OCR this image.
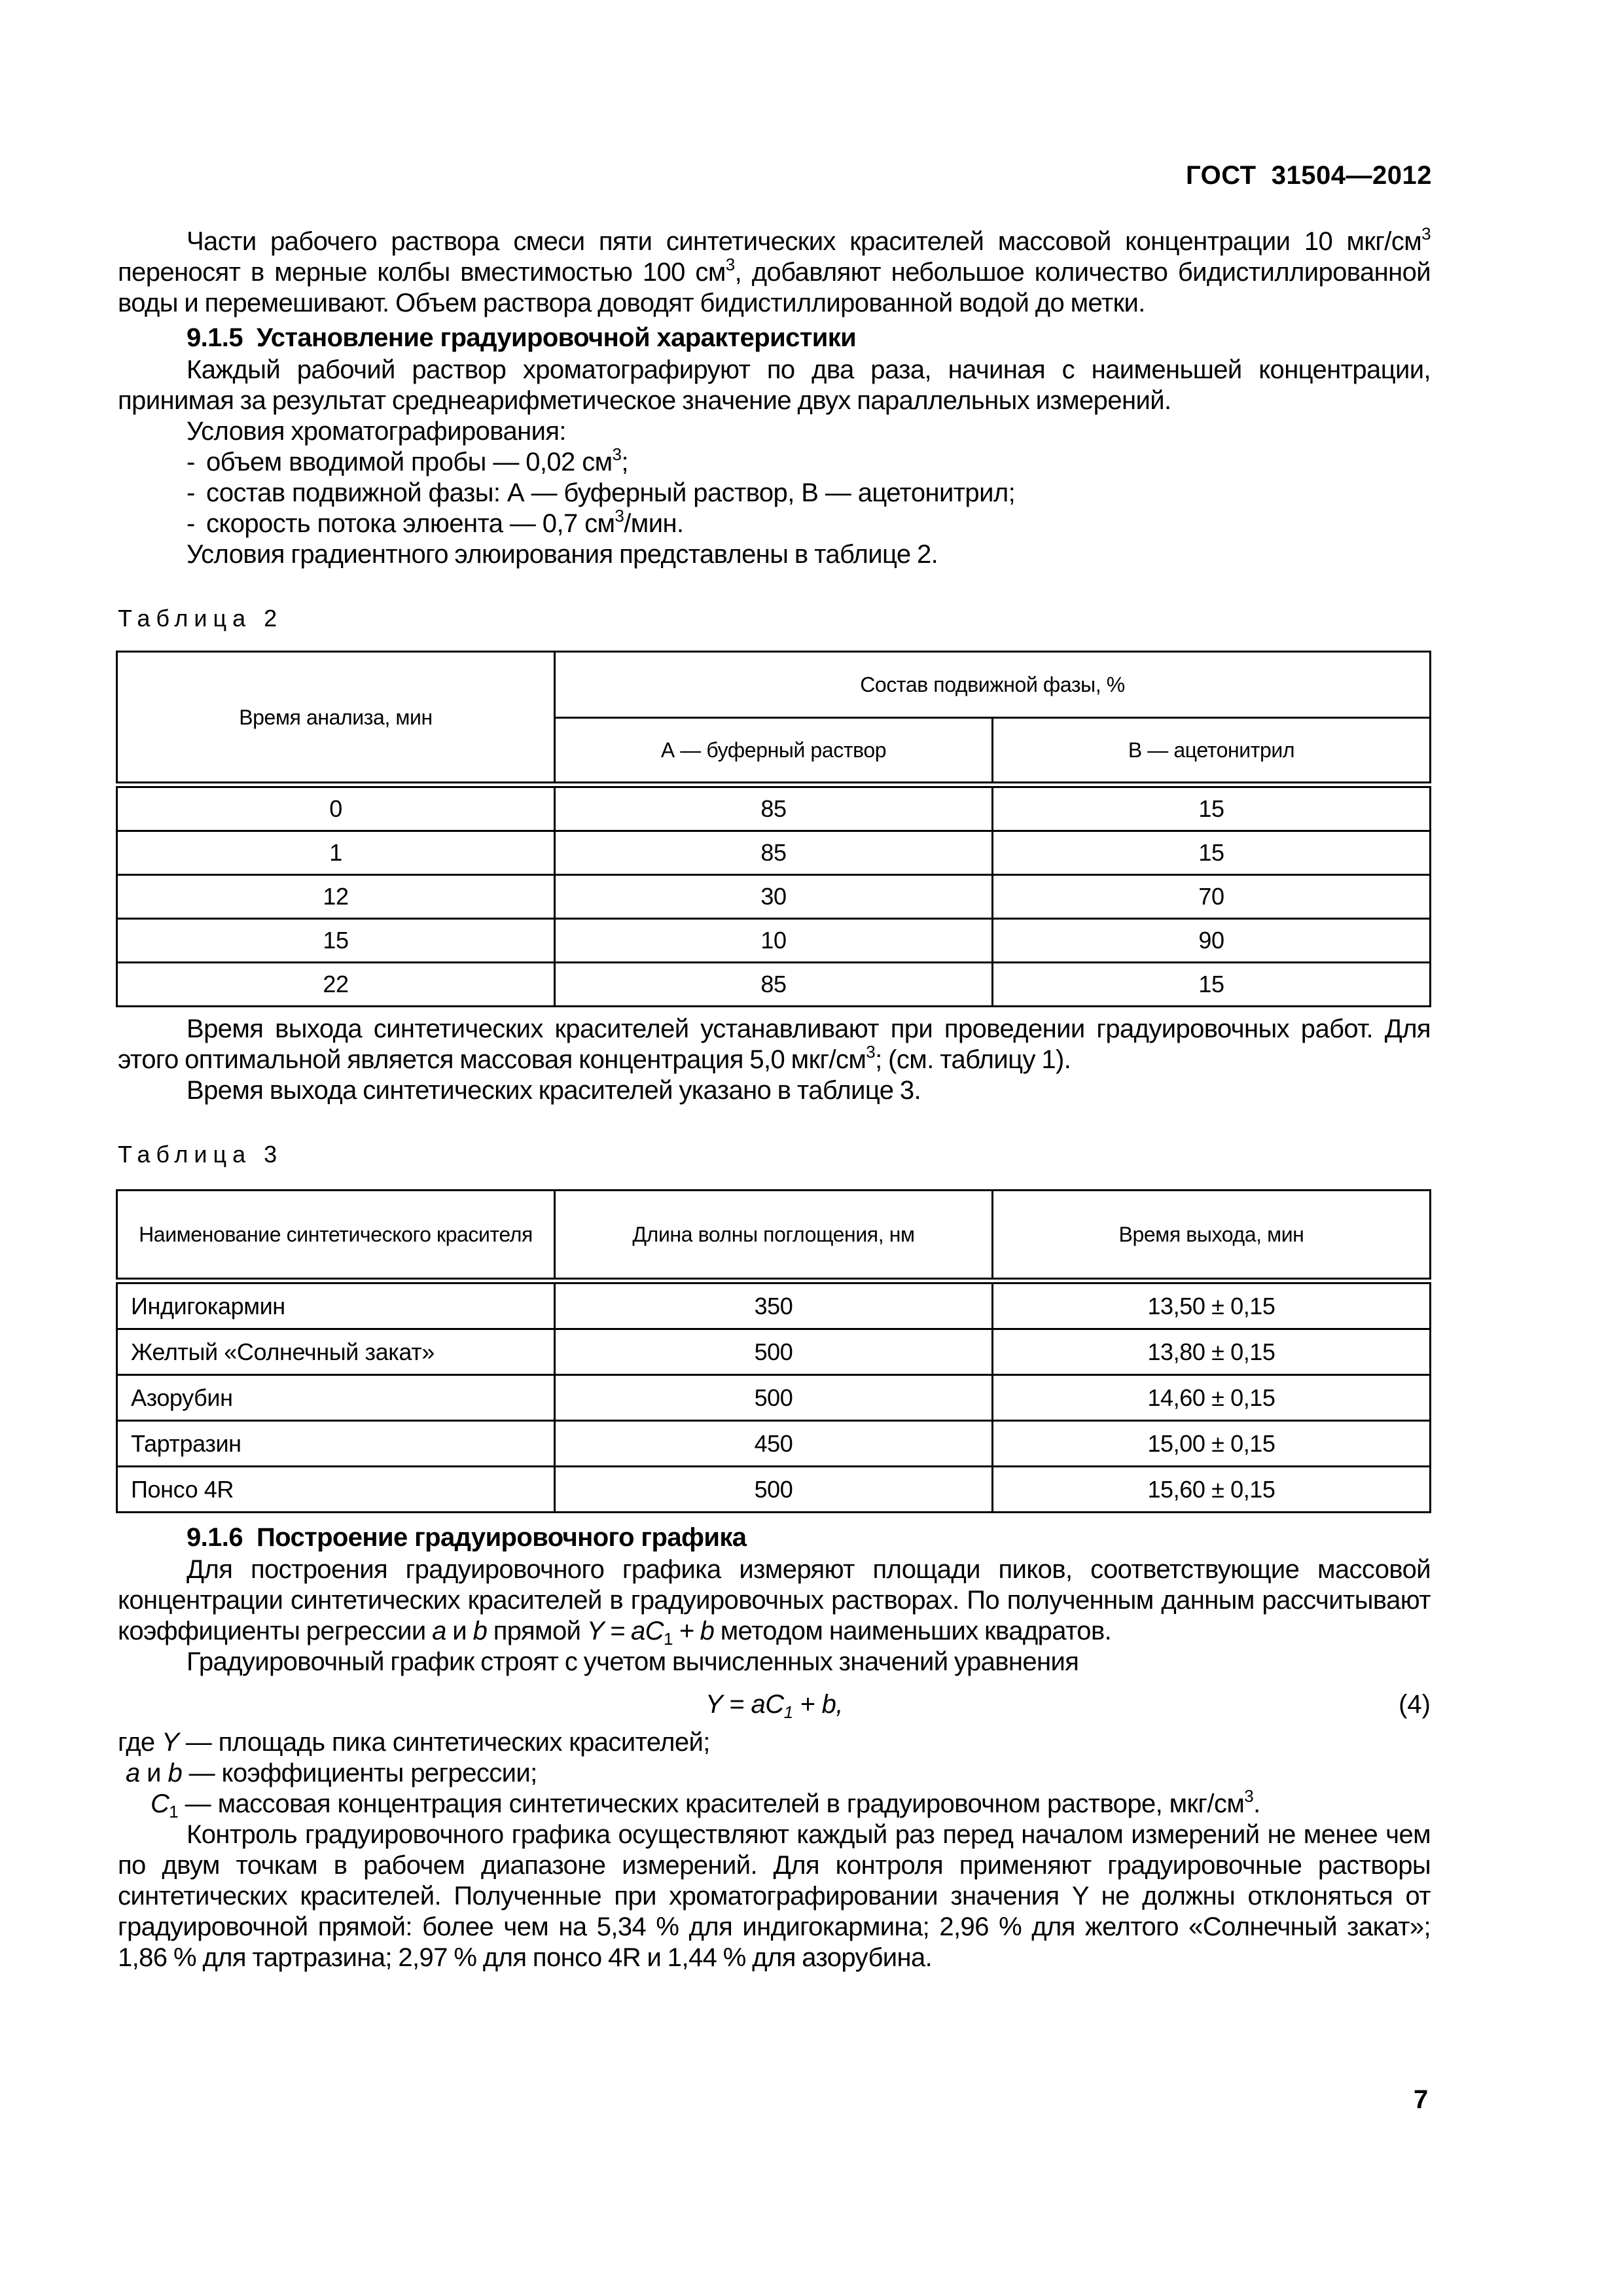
ГОСТ  31504—2012

Части рабочего раствора смеси пяти синтетических красителей массовой концентрации 10 мкг/$см^3$ переносят в мерные колбы вместимостью 100 $см^3$, добавляют небольшое количество бидистиллированной воды и перемешивают. Объем раствора доводят бидистиллированной водой до метки.

9.1.5  Установление градуировочной характеристики

Каждый рабочий раствор хроматографируют по два раза, начиная с наименьшей концентрации, принимая за результат среднеарифметическое значение двух параллельных измерений.

Условия хроматографирования:
- объем вводимой пробы — 0,02 $см^3$;
- состав подвижной фазы: А — буферный раствор, В — ацетонитрил;
- скорость потока элюента — 0,7 $см^3$/мин.
Условия градиентного элюирования представлены в таблице 2.
Таблица 2
Время анализа, мин	Состав подвижной фазы, %	
	А — буферный раствор	В — ацетонитрил
0	85	15
1	85	15
12	30	70
15	10	90
22	85	15

Время выхода синтетических красителей устанавливают при проведении градуировочных работ. Для этого оптимальной является массовая концентрация 5,0 мкг/$см^3$; (см. таблицу 1).

Время выхода синтетических красителей указано в таблице 3.
Таблица 3
Наименование синтетического красителя	Длина волны поглощения, нм	Время выхода, мин
Индигокармин	350	13,50 ± 0,15
Желтый «Солнечный закат»	500	13,80 ± 0,15
Азорубин	500	14,60 ± 0,15
Тартразин	450	15,00 ± 0,15
Понсо 4R	500	15,60 ± 0,15
9.1.6  Построение градуировочного графика

Для построения градуировочного графика измеряют площади пиков, соответствующие массовой концентрации синтетических красителей в градуировочных растворах. По полученным данным рассчитывают коэффициенты регрессии a и b прямой $Y = aC_1 + b$ методом наименьших квадратов.

Градуировочный график строят с учетом вычисленных значений уравнения
$Y = aC_1 + b$,	(4)
где Y — площадь пика синтетических красителей;
a и b — коэффициенты регрессии;
$C_1$ — массовая концентрация синтетических красителей в градуировочном растворе, мкг/$см^3$.

Контроль градуировочного графика осуществляют каждый раз перед началом измерений не менее чем по двум точкам в рабочем диапазоне измерений. Для контроля применяют градуировочные растворы синтетических красителей. Полученные при хроматографировании значения Y не должны отклоняться от градуировочной прямой: более чем на 5,34 % для индигокармина; 2,96 % для желтого «Солнечный закат»; 1,86 % для тартразина; 2,97 % для понсо 4R и 1,44 % для азорубина.

7
